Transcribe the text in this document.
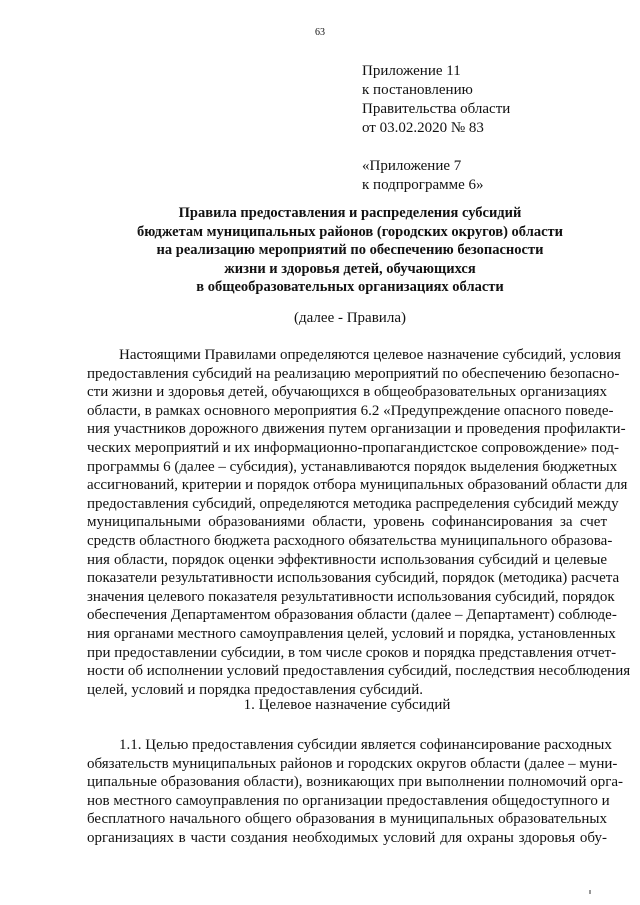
63
Приложение 11
к постановлению
Правительства области
от 03.02.2020 № 83
«Приложение 7
к подпрограмме 6»
Правила предоставления и распределения субсидий
бюджетам муниципальных районов (городских округов) области
на реализацию мероприятий по обеспечению безопасности
жизни и здоровья детей, обучающихся
в общеобразовательных организациях области
(далее - Правила)
Настоящими Правилами определяются целевое назначение субсидий, условия
предоставления субсидий на реализацию мероприятий по обеспечению безопасно-
сти жизни и здоровья детей, обучающихся в общеобразовательных организациях
области, в рамках основного мероприятия 6.2 «Предупреждение опасного поведе-
ния участников дорожного движения путем организации и проведения профилакти-
ческих мероприятий и их информационно-пропагандистское сопровождение» под-
программы 6 (далее – субсидия), устанавливаются порядок выделения бюджетных
ассигнований, критерии и порядок отбора муниципальных образований области для
предоставления субсидий, определяются методика распределения субсидий между
муниципальными образованиями области, уровень софинансирования за счет
средств областного бюджета расходного обязательства муниципального образова-
ния области, порядок оценки эффективности использования субсидий и целевые
показатели результативности использования субсидий, порядок (методика) расчета
значения целевого показателя результативности использования субсидий, порядок
обеспечения Департаментом образования области (далее – Департамент) соблюде-
ния органами местного самоуправления целей, условий и порядка, установленных
при предоставлении субсидии, в том числе сроков и порядка представления отчет-
ности об исполнении условий предоставления субсидий, последствия несоблюдения
целей, условий и порядка предоставления субсидий.
1. Целевое назначение субсидий
1.1. Целью предоставления субсидии является софинансирование расходных
обязательств муниципальных районов и городских округов области (далее – муни-
ципальные образования области), возникающих при выполнении полномочий орга-
нов местного самоуправления по организации предоставления общедоступного и
бесплатного начального общего образования в муниципальных образовательных
организациях в части создания необходимых условий для охраны здоровья обу-
